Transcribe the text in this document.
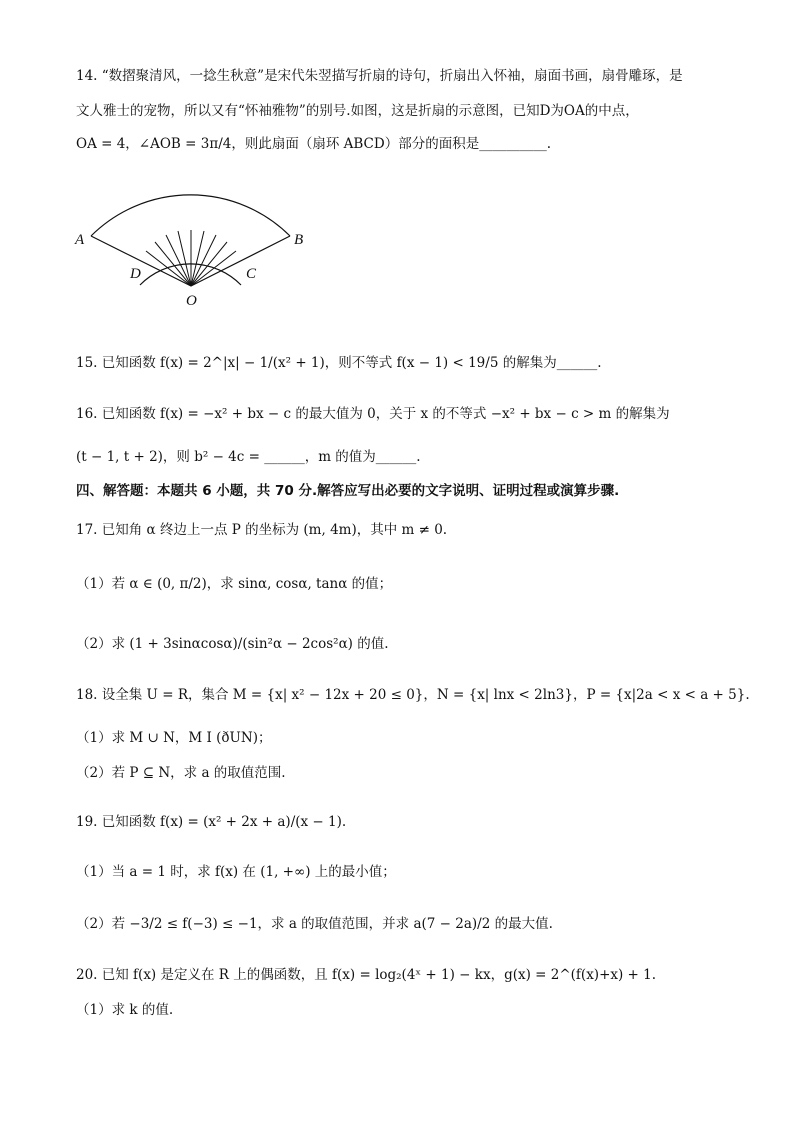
14. “数摺聚清风，一捻生秋意”是宋代朱翌描写折扇的诗句，折扇出入怀袖，扇面书画，扇骨雕琢，是
文人雅士的宠物，所以又有“怀袖雅物”的别号.如图，这是折扇的示意图，已知D为OA的中点，
OA = 4，∠AOB = 3π/4，则此扇面（扇环 ABCD）部分的面积是__________.
A	B
D	C
O
15. 已知函数 f(x) = 2^|x| − 1/(x² + 1)，则不等式 f(x − 1) < 19/5 的解集为______.
16. 已知函数 f(x) = −x² + bx − c 的最大值为 0，关于 x 的不等式 −x² + bx − c > m 的解集为
(t − 1, t + 2)，则 b² − 4c = ______，m 的值为______.
四、解答题：本题共 6 小题，共 70 分.解答应写出必要的文字说明、证明过程或演算步骤.
17. 已知角 α 终边上一点 P 的坐标为 (m, 4m)，其中 m ≠ 0.
（1）若 α ∈ (0, π/2)，求 sinα, cosα, tanα 的值；
（2）求 (1 + 3sinαcosα)/(sin²α − 2cos²α) 的值.
18. 设全集 U = R，集合 M = {x| x² − 12x + 20 ≤ 0}，N = {x| lnx < 2ln3}，P = {x|2a < x < a + 5}.
（1）求 M ∪ N，M I (ðUN)；
（2）若 P ⊆ N，求 a 的取值范围.
19. 已知函数 f(x) = (x² + 2x + a)/(x − 1).
（1）当 a = 1 时，求 f(x) 在 (1, +∞) 上的最小值；
（2）若 −3/2 ≤ f(−3) ≤ −1，求 a 的取值范围，并求 a(7 − 2a)/2 的最大值.
20. 已知 f(x) 是定义在 R 上的偶函数，且 f(x) = log₂(4ˣ + 1) − kx，g(x) = 2^(f(x)+x) + 1.
（1）求 k 的值.
